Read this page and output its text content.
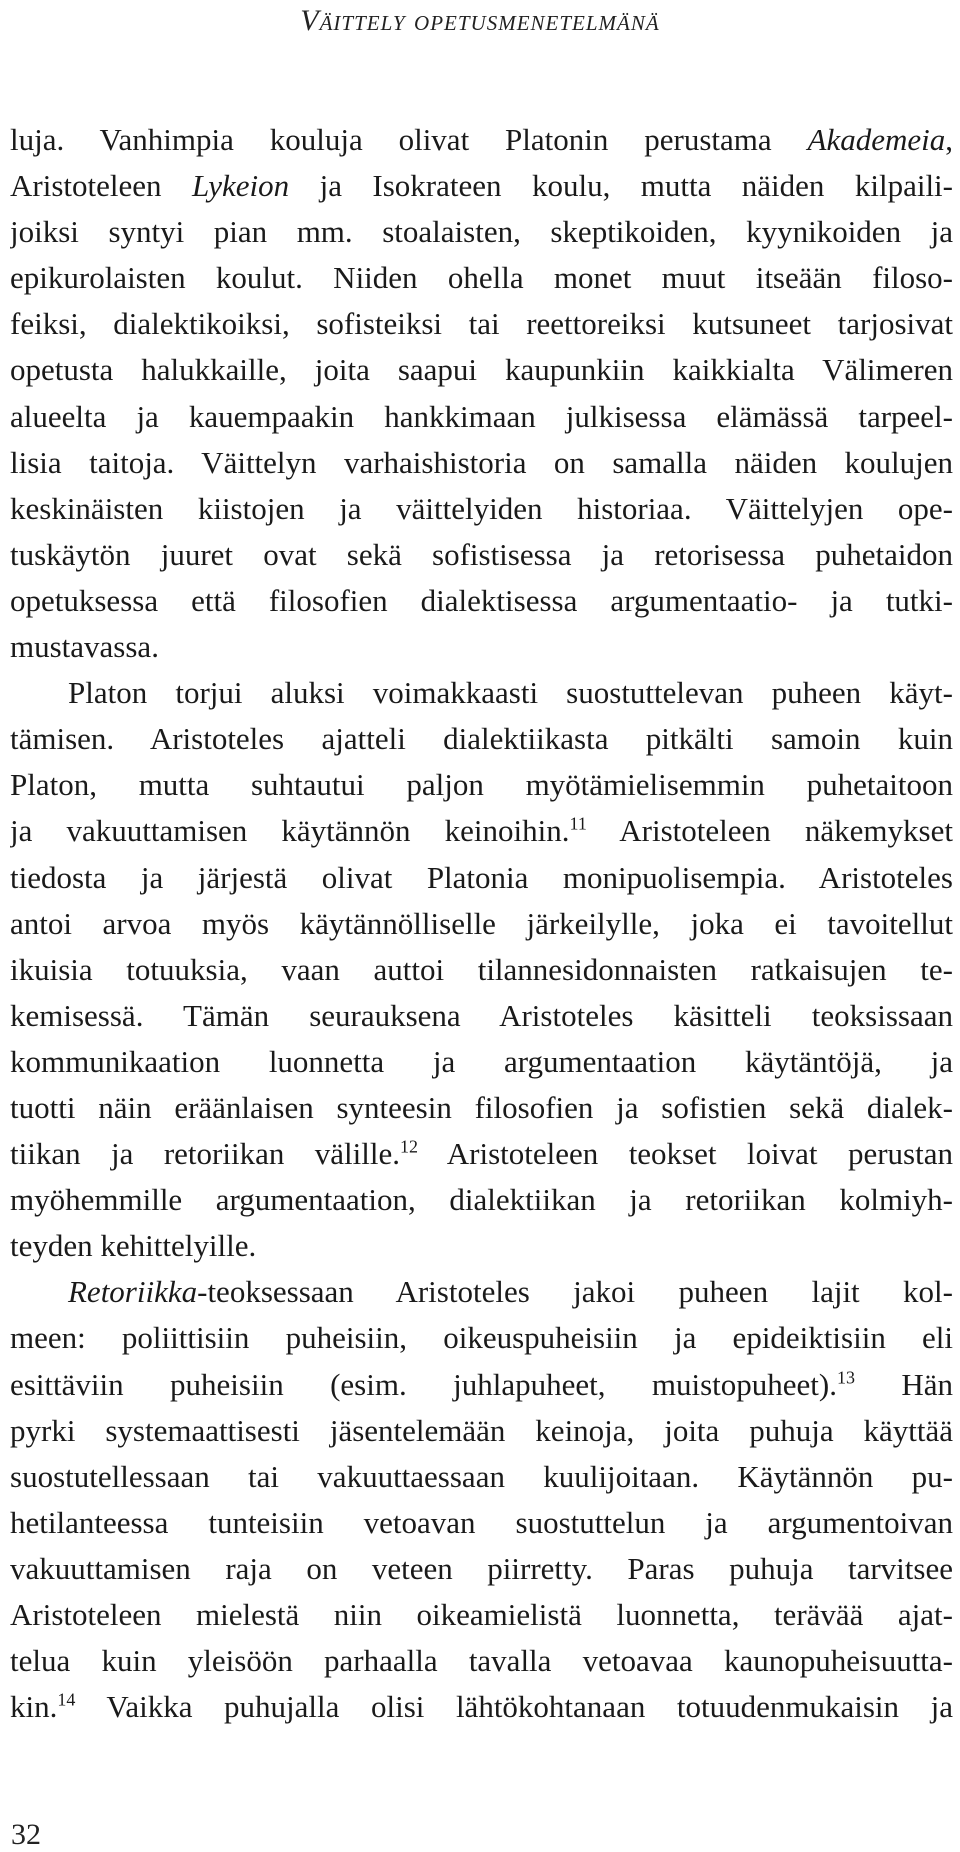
Väittely opetusmenetelmänä
luja. Vanhimpia kouluja olivat Platonin perustama Akademeia,
Aristoteleen Lykeion ja Isokrateen koulu, mutta näiden kilpaili-
joiksi syntyi pian mm. stoalaisten, skeptikoiden, kyynikoiden ja
epikurolaisten koulut. Niiden ohella monet muut itseään filoso-
feiksi, dialektikoiksi, sofisteiksi tai reettoreiksi kutsuneet tarjosivat
opetusta halukkaille, joita saapui kaupunkiin kaikkialta Välimeren
alueelta ja kauempaakin hankkimaan julkisessa elämässä tarpeel-
lisia taitoja. Väittelyn varhaishistoria on samalla näiden koulujen
keskinäisten kiistojen ja väittelyiden historiaa. Väittelyjen ope-
tuskäytön juuret ovat sekä sofistisessa ja retorisessa puhetaidon
opetuksessa että filosofien dialektisessa argumentaatio- ja tutki-
mustavassa.
Platon torjui aluksi voimakkaasti suostuttelevan puheen käyt-
tämisen. Aristoteles ajatteli dialektiikasta pitkälti samoin kuin
Platon, mutta suhtautui paljon myötämielisemmin puhetaitoon
ja vakuuttamisen käytännön keinoihin.$^{11}$ Aristoteleen näkemykset
tiedosta ja järjestä olivat Platonia monipuolisempia. Aristoteles
antoi arvoa myös käytännölliselle järkeilylle, joka ei tavoitellut
ikuisia totuuksia, vaan auttoi tilannesidonnaisten ratkaisujen te-
kemisessä. Tämän seurauksena Aristoteles käsitteli teoksissaan
kommunikaation luonnetta ja argumentaation käytäntöjä, ja
tuotti näin eräänlaisen synteesin filosofien ja sofistien sekä dialek-
tiikan ja retoriikan välille.$^{12}$ Aristoteleen teokset loivat perustan
myöhemmille argumentaation, dialektiikan ja retoriikan kolmiyh-
teyden kehittelyille.
Retoriikka-teoksessaan Aristoteles jakoi puheen lajit kol-
meen: poliittisiin puheisiin, oikeuspuheisiin ja epideiktisiin eli
esittäviin puheisiin (esim. juhlapuheet, muistopuheet).$^{13}$ Hän
pyrki systemaattisesti jäsentelemään keinoja, joita puhuja käyttää
suostutellessaan tai vakuuttaessaan kuulijoitaan. Käytännön pu-
hetilanteessa tunteisiin vetoavan suostuttelun ja argumentoivan
vakuuttamisen raja on veteen piirretty. Paras puhuja tarvitsee
Aristoteleen mielestä niin oikeamielistä luonnetta, terävää ajat-
telua kuin yleisöön parhaalla tavalla vetoavaa kaunopuheisuutta-
kin.$^{14}$ Vaikka puhujalla olisi lähtökohtanaan totuudenmukaisin ja
32
